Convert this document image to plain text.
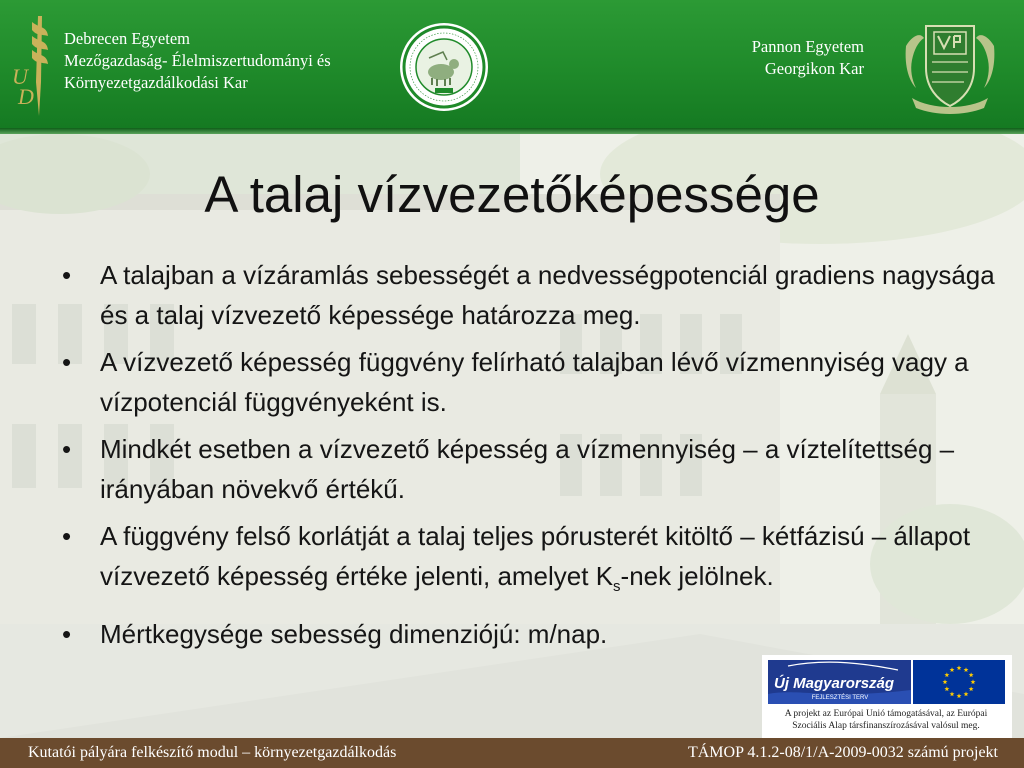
U
D
Debrecen Egyetem
Mezőgazdaság- Élelmiszertudományi és
Környezetgazdálkodási Kar
Pannon Egyetem
Georgikon Kar
A talaj vízvezetőképessége
• A talajban a vízáramlás sebességét a nedvességpotenciál gradiens nagysága és a talaj vízvezető képessége határozza meg.
• A vízvezető képesség függvény felírható talajban lévő vízmennyiség vagy a vízpotenciál függvényeként is.
• Mindkét esetben a vízvezető képesség a vízmennyiség – a víztelítettség – irányában növekvő értékű.
• A függvény felső korlátját a talaj teljes pórusterét kitöltő – kétfázisú – állapot vízvezető képesség értéke jelenti, amelyet $K_s$-nek jelölnek.
• Mértkegysége sebesség dimenziójú: m/nap.
Új Magyarország
FEJLESZTÉSI TERV
A projekt az Európai Unió támogatásával, az Európai
Szociális Alap társfinanszírozásával valósul meg.
Kutatói pályára felkészítő modul – környezetgazdálkodás	TÁMOP 4.1.2-08/1/A-2009-0032 számú projekt
